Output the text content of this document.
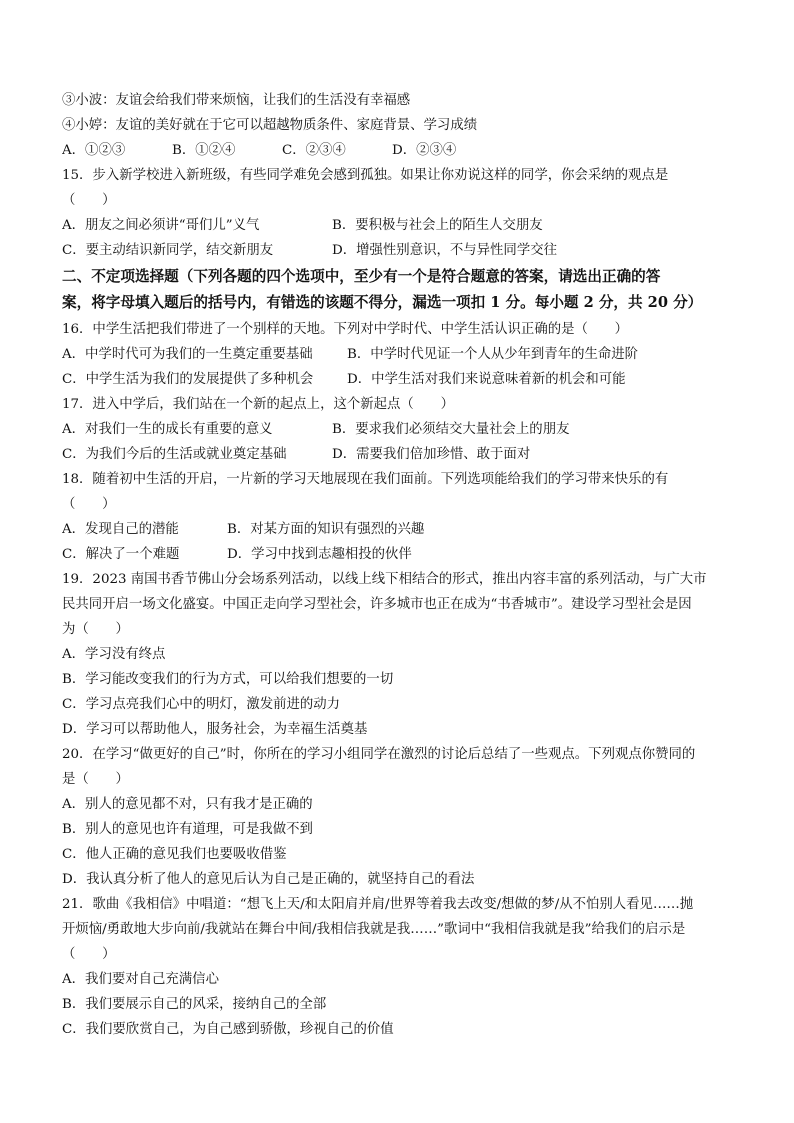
③小波：友谊会给我们带来烦恼，让我们的生活没有幸福感
④小婷：友谊的美好就在于它可以超越物质条件、家庭背景、学习成绩
A．①②③	B．①②④	C．②③④	D．②③④
15．步入新学校进入新班级，有些同学难免会感到孤独。如果让你劝说这样的同学，你会采纳的观点是
（　　）
A．朋友之间必须讲“哥们儿”义气	B．要积极与社会上的陌生人交朋友
C．要主动结识新同学，结交新朋友	D．增强性别意识，不与异性同学交往
二、不定项选择题（下列各题的四个选项中，至少有一个是符合题意的答案，请选出正确的答
案，将字母填入题后的括号内，有错选的该题不得分，漏选一项扣 1 分。每小题 2 分，共 20 分）
16．中学生活把我们带进了一个别样的天地。下列对中学时代、中学生活认识正确的是（　　）
A．中学时代可为我们的一生奠定重要基础	B．中学时代见证一个人从少年到青年的生命进阶
C．中学生活为我们的发展提供了多种机会	D．中学生活对我们来说意味着新的机会和可能
17．进入中学后，我们站在一个新的起点上，这个新起点（　　）
A．对我们一生的成长有重要的意义	B．要求我们必须结交大量社会上的朋友
C．为我们今后的生活或就业奠定基础	D．需要我们倍加珍惜、敢于面对
18．随着初中生活的开启，一片新的学习天地展现在我们面前。下列选项能给我们的学习带来快乐的有
（　　）
A．发现自己的潜能	B．对某方面的知识有强烈的兴趣
C．解决了一个难题	D．学习中找到志趣相投的伙伴
19．2023 南国书香节佛山分会场系列活动，以线上线下相结合的形式，推出内容丰富的系列活动，与广大市
民共同开启一场文化盛宴。中国正走向学习型社会，许多城市也正在成为“书香城市”。建设学习型社会是因
为（　　）
A．学习没有终点
B．学习能改变我们的行为方式，可以给我们想要的一切
C．学习点亮我们心中的明灯，激发前进的动力
D．学习可以帮助他人，服务社会，为幸福生活奠基
20．在学习“做更好的自己”时，你所在的学习小组同学在激烈的讨论后总结了一些观点。下列观点你赞同的
是（　　）
A．别人的意见都不对，只有我才是正确的
B．别人的意见也许有道理，可是我做不到
C．他人正确的意见我们也要吸收借鉴
D．我认真分析了他人的意见后认为自己是正确的，就坚持自己的看法
21．歌曲《我相信》中唱道：“想飞上天/和太阳肩并肩/世界等着我去改变/想做的梦/从不怕别人看见……抛
开烦恼/勇敢地大步向前/我就站在舞台中间/我相信我就是我……”歌词中“我相信我就是我”给我们的启示是
（　　）
A．我们要对自己充满信心
B．我们要展示自己的风采，接纳自己的全部
C．我们要欣赏自己，为自己感到骄傲，珍视自己的价值
